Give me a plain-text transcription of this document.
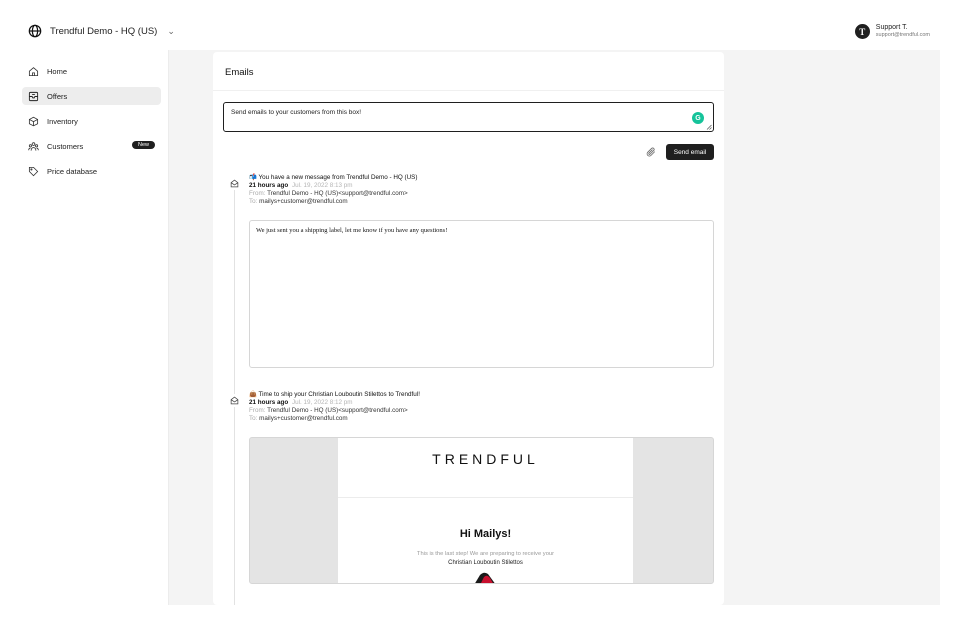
Trendful Demo - HQ (US) ⌄	T	Support T.
support@trendful.com
Home
Offers
Inventory
Customers	New
Price database
Emails
Send emails to your customers from this box!
G
Send email
📬 You have a new message from Trendful Demo - HQ (US)
21 hours ago Jul. 19, 2022 8:13 pm
From: Trendful Demo - HQ (US)<support@trendful.com>
To: mailys+customer@trendful.com
We just sent you a shipping label, let me know if you have any questions!
👜 Time to ship your Christian Louboutin Stilettos to Trendful!
21 hours ago Jul. 19, 2022 8:12 pm
From: Trendful Demo - HQ (US)<support@trendful.com>
To: mailys+customer@trendful.com
TRENDFUL
Hi Mailys!
This is the last step! We are preparing to receive your
Christian Louboutin Stilettos
